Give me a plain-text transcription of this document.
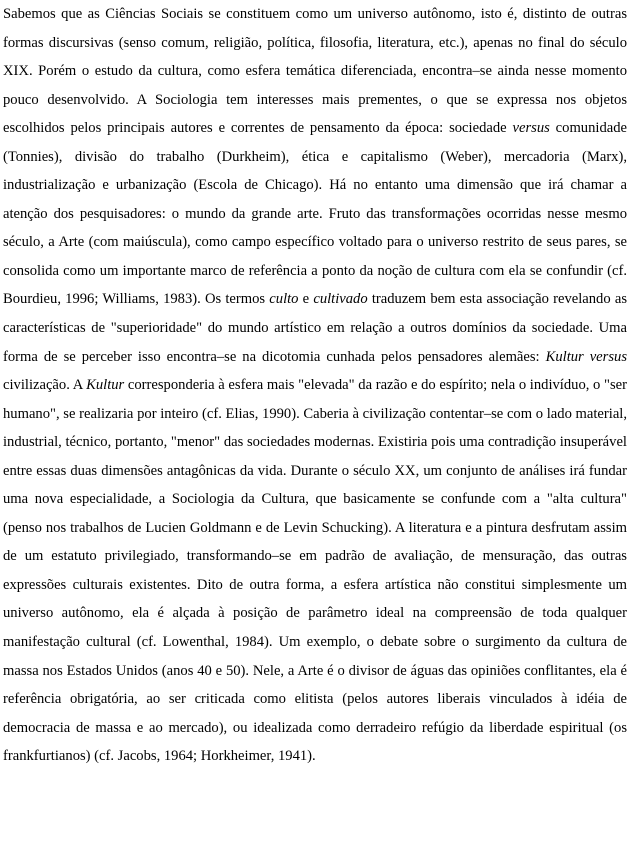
Sabemos que as Ciências Sociais se constituem como um universo autônomo, isto é, distinto de outras formas discursivas (senso comum, religião, política, filosofia, literatura, etc.), apenas no final do século XIX. Porém o estudo da cultura, como esfera temática diferenciada, encontra–se ainda nesse momento pouco desenvolvido. A Sociologia tem interesses mais prementes, o que se expressa nos objetos escolhidos pelos principais autores e correntes de pensamento da época: sociedade versus comunidade (Tonnies), divisão do trabalho (Durkheim), ética e capitalismo (Weber), mercadoria (Marx), industrialização e urbanização (Escola de Chicago). Há no entanto uma dimensão que irá chamar a atenção dos pesquisadores: o mundo da grande arte. Fruto das transformações ocorridas nesse mesmo século, a Arte (com maiúscula), como campo específico voltado para o universo restrito de seus pares, se consolida como um importante marco de referência a ponto da noção de cultura com ela se confundir (cf. Bourdieu, 1996; Williams, 1983). Os termos culto e cultivado traduzem bem esta associação revelando as características de "superioridade" do mundo artístico em relação a outros domínios da sociedade. Uma forma de se perceber isso encontra–se na dicotomia cunhada pelos pensadores alemães: Kultur versus civilização. A Kultur corresponderia à esfera mais "elevada" da razão e do espírito; nela o indivíduo, o "ser humano", se realizaria por inteiro (cf. Elias, 1990). Caberia à civilização contentar–se com o lado material, industrial, técnico, portanto, "menor" das sociedades modernas. Existiria pois uma contradição insuperável entre essas duas dimensões antagônicas da vida. Durante o século XX, um conjunto de análises irá fundar uma nova especialidade, a Sociologia da Cultura, que basicamente se confunde com a "alta cultura" (penso nos trabalhos de Lucien Goldmann e de Levin Schucking). A literatura e a pintura desfrutam assim de um estatuto privilegiado, transformando–se em padrão de avaliação, de mensuração, das outras expressões culturais existentes. Dito de outra forma, a esfera artística não constitui simplesmente um universo autônomo, ela é alçada à posição de parâmetro ideal na compreensão de toda qualquer manifestação cultural (cf. Lowenthal, 1984). Um exemplo, o debate sobre o surgimento da cultura de massa nos Estados Unidos (anos 40 e 50). Nele, a Arte é o divisor de águas das opiniões conflitantes, ela é referência obrigatória, ao ser criticada como elitista (pelos autores liberais vinculados à idéia de democracia de massa e ao mercado), ou idealizada como derradeiro refúgio da liberdade espiritual (os frankfurtianos) (cf. Jacobs, 1964; Horkheimer, 1941).
